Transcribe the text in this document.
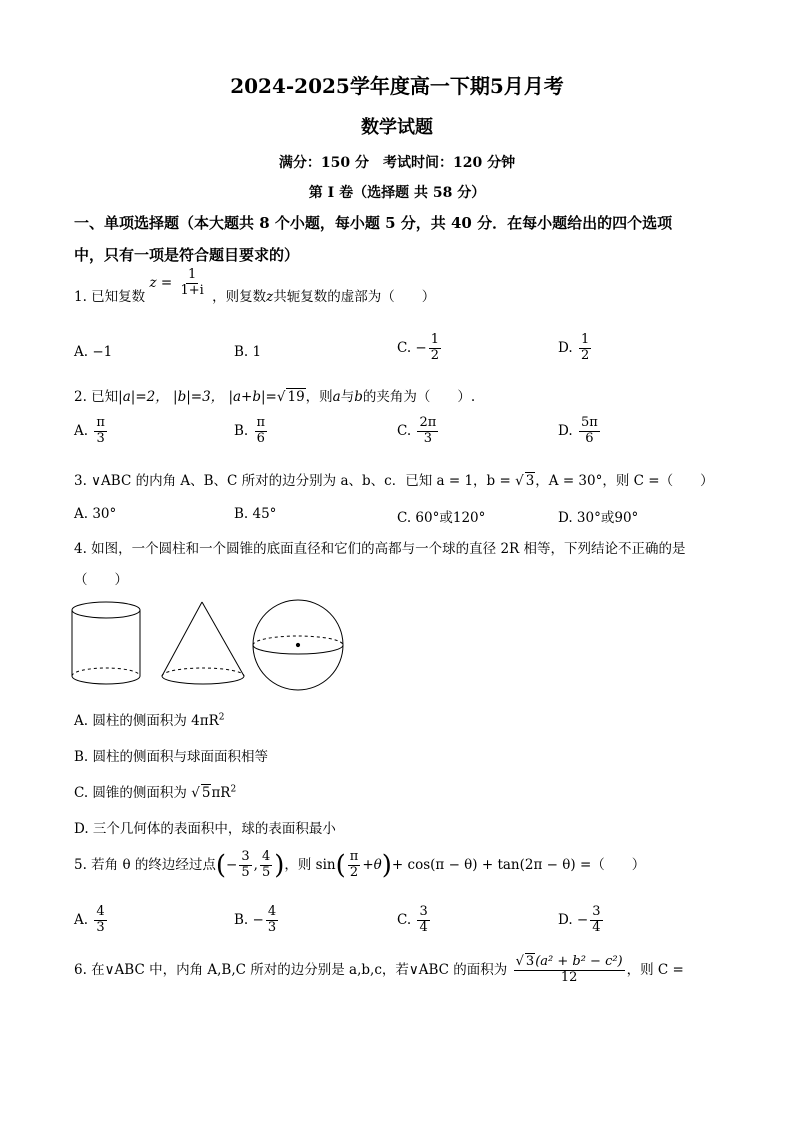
2024-2025学年度高一下期5月月考
数学试题
满分：150 分　考试时间：120 分钟
第 I 卷（选择题 共 58 分）
一、单项选择题（本大题共 8 个小题，每小题 5 分，共 40 分．在每小题给出的四个选项
中，只有一项是符合题目要求的）
1. 已知复数 $z = \frac{1}{1+i}$ ，则复数z共轭复数的虚部为（　　）
A. −1	B. 1	C. − $\frac{1}{2}$	D. $\frac{1}{2}$
2. 已知|a|=2， |b|=3， |a+b|=√ 19，则a与b的夹角为（　　）.
A. $\frac{\pi}{3}$	B. $\frac{\pi}{6}$	C. $\frac{2\pi}{3}$	D. $\frac{5\pi}{6}$
3. ∨ABC 的内角 A、B、C 所对的边分别为 a、b、c．已知 a = 1，b = √ 3，A = 30°，则 C =（　　）
A. 30°	B. 45°	C. 60°或120°	D. 30°或90°
4. 如图，一个圆柱和一个圆锥的底面直径和它们的高都与一个球的直径 2R 相等，下列结论不正确的是
（　　）
A. 圆柱的侧面积为 $4\pi R^2$
B. 圆柱的侧面积与球面面积相等
C. 圆锥的侧面积为 √ $5\pi R^2$
D. 三个几何体的表面积中，球的表面积最小
5. 若角 θ 的终边经过点(− $\frac{3}{5}$ , $\frac{4}{5}$ )，则 $\sin( \frac{\pi}{2} +\theta)+ \cos(\pi - \theta) + \tan(2\pi - \theta)$ =（　　）
A. $\frac{4}{3}$	B. − $\frac{4}{3}$	C. $\frac{3}{4}$	D. − $\frac{3}{4}$
6. 在∨ABC 中，内角 A,B,C 所对的边分别是 a,b,c，若∨ABC 的面积为 $\frac{\text{√ 3(a² + b² − c²)}}{12}$ ，则 C =
